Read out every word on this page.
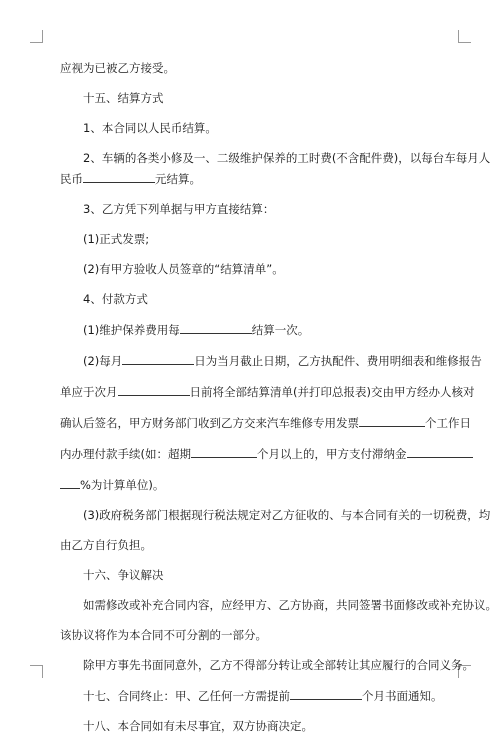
应视为已被乙方接受。
十五、结算方式
1、本合同以人民币结算。
2、车辆的各类小修及一、二级维护保养的工时费(不含配件费)，以每台车每月人
民币	元结算。
3、乙方凭下列单据与甲方直接结算：
(1)正式发票;
(2)有甲方验收人员签章的“结算清单”。
4、付款方式
(1)维护保养费用每	结算一次。
(2)每月	日为当月截止日期，乙方执配件、费用明细表和维修报告
单应于次月	日前将全部结算清单(并打印总报表)交由甲方经办人核对
确认后签名，甲方财务部门收到乙方交来汽车维修专用发票	个工作日
内办理付款手续(如：超期	个月以上的，甲方支付滞纳金
%为计算单位)。
(3)政府税务部门根据现行税法规定对乙方征收的、与本合同有关的一切税费，均
由乙方自行负担。
十六、争议解决
如需修改或补充合同内容，应经甲方、乙方协商，共同签署书面修改或补充协议。
该协议将作为本合同不可分割的一部分。
除甲方事先书面同意外，乙方不得部分转让或全部转让其应履行的合同义务。
十七、合同终止：甲、乙任何一方需提前	个月书面通知。
十八、本合同如有未尽事宜，双方协商决定。
